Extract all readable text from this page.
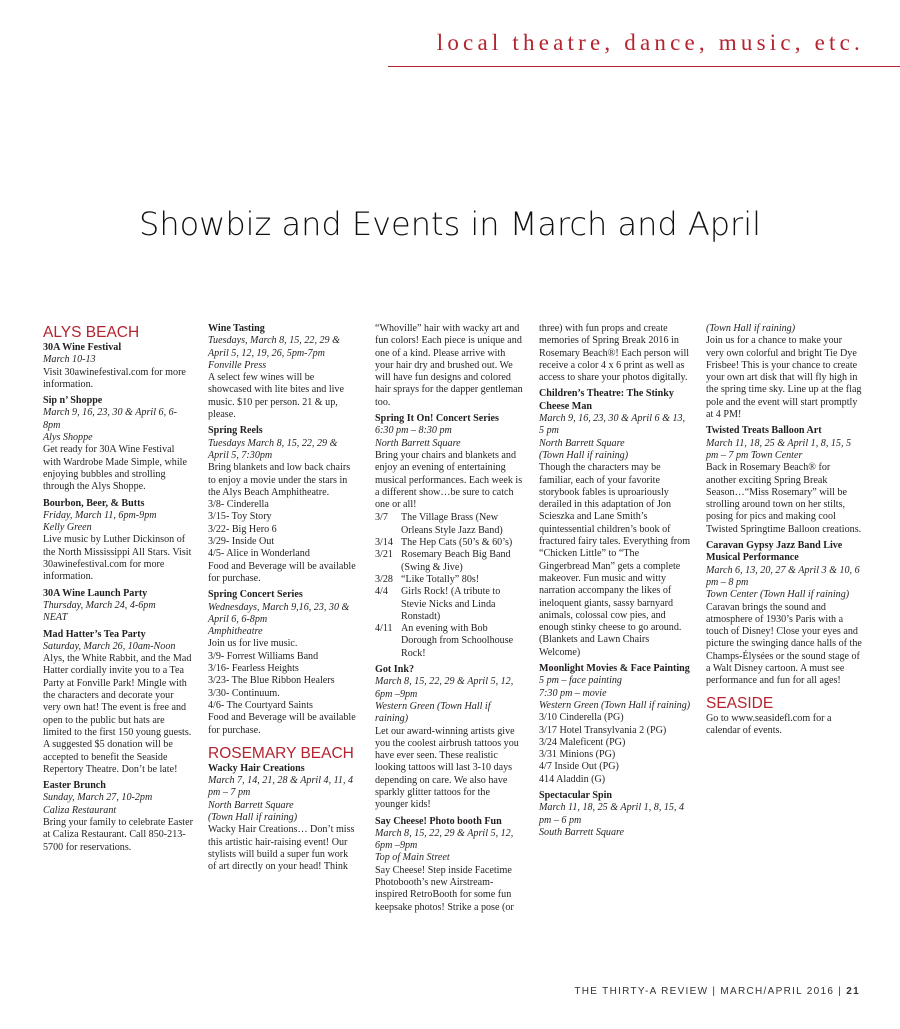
local theatre, dance, music, etc.
Showbiz and Events in March and April

ALYS BEACH

30A Wine Festival

March 10-13

Visit 30awinefestival.com for more information.

Sip n’ Shoppe

March 9, 16, 23, 30 & April 6, 6-8pm

Alys Shoppe

Get ready for 30A Wine Festival with Wardrobe Made Simple, while enjoying bubbles and strolling through the Alys Shoppe.

Bourbon, Beer, & Butts

Friday, March 11, 6pm-9pm

Kelly Green

Live music by Luther Dickinson of the North Mississippi All Stars. Visit 30awinefestival.com for more information.

30A Wine Launch Party

Thursday, March 24, 4-6pm

NEAT

Mad Hatter’s Tea Party

Saturday, March 26, 10am-Noon

Alys, the White Rabbit, and the Mad Hatter cordially invite you to a Tea Party at Fonville Park! Mingle with the characters and decorate your very own hat! The event is free and open to the public but hats are limited to the first 150 young guests. A suggested $5 donation will be accepted to benefit the Seaside Repertory Theatre. Don’t be late!

Easter Brunch

Sunday, March 27, 10-2pm

Caliza Restaurant

Bring your family to celebrate Easter at Caliza Restaurant. Call 850-213-5700 for reservations.

Wine Tasting

Tuesdays, March 8, 15, 22, 29 & April 5, 12, 19, 26, 5pm-7pm

Fonville Press

A select few wines will be showcased with lite bites and live music. $10 per person. 21 & up, please.

Spring Reels

Tuesdays March 8, 15, 22, 29 & April 5, 7:30pm

Bring blankets and low back chairs to enjoy a movie under the stars in the Alys Beach Amphitheatre.

3/8- Cinderella

3/15- Toy Story

3/22- Big Hero 6

3/29- Inside Out

4/5- Alice in Wonderland

Food and Beverage will be available for purchase.

Spring Concert Series

Wednesdays, March 9,16, 23, 30 & April 6, 6-8pm

Amphitheatre

Join us for live music.

3/9- Forrest Williams Band

3/16- Fearless Heights

3/23- The Blue Ribbon Healers

3/30- Continuum.

4/6- The Courtyard Saints

Food and Beverage will be available for purchase.

ROSEMARY BEACH

Wacky Hair Creations

March 7, 14, 21, 28 & April 4, 11, 4 pm – 7 pm

North Barrett Square

(Town Hall if raining)

Wacky Hair Creations… Don’t miss this artistic hair-raising event! Our stylists will build a super fun work of art directly on your head! Think

“Whoville” hair with wacky art and fun colors! Each piece is unique and one of a kind. Please arrive with your hair dry and brushed out. We will have fun designs and colored hair sprays for the dapper gentleman too.

Spring It On! Concert Series

6:30 pm – 8:30 pm

North Barrett Square

Bring your chairs and blankets and enjoy an evening of entertaining musical performances. Each week is a different show…be sure to catch one or all!

3/7	The Village Brass (New Orleans Style Jazz Band)
3/14	The Hep Cats (50’s & 60’s)
3/21	Rosemary Beach Big Band (Swing & Jive)
3/28	“Like Totally” 80s!
4/4	Girls Rock! (A tribute to Stevie Nicks and Linda Ronstadt)
4/11	An evening with Bob Dorough from Schoolhouse Rock!

Got Ink?

March 8, 15, 22, 29 & April 5, 12, 6pm –9pm

Western Green (Town Hall if raining)

Let our award-winning artists give you the coolest airbrush tattoos you have ever seen. These realistic looking tattoos will last 3-10 days depending on care. We also have sparkly glitter tattoos for the younger kids!

Say Cheese! Photo booth Fun

March 8, 15, 22, 29 & April 5, 12, 6pm –9pm

Top of Main Street

Say Cheese! Step inside Facetime Photobooth’s new Airstream-inspired RetroBooth for some fun keepsake photos! Strike a pose (or

three) with fun props and create memories of Spring Break 2016 in Rosemary Beach®! Each person will receive a color 4 x 6 print as well as access to share your photos digitally.

Children’s Theatre: The Stinky Cheese Man

March 9, 16, 23, 30 & April 6 & 13, 5 pm

North Barrett Square

(Town Hall if raining)

Though the characters may be familiar, each of your favorite storybook fables is uproariously derailed in this adaptation of Jon Scieszka and Lane Smith’s quintessential children’s book of fractured fairy tales. Everything from “Chicken Little” to “The Gingerbread Man” gets a complete makeover. Fun music and witty narration accompany the likes of ineloquent giants, sassy barnyard animals, colossal cow pies, and enough stinky cheese to go around. (Blankets and Lawn Chairs Welcome)

Moonlight Movies & Face Painting

5 pm – face painting

7:30 pm – movie

Western Green (Town Hall if raining)

3/10 Cinderella (PG)

3/17 Hotel Transylvania 2 (PG)

3/24 Maleficent (PG)

3/31 Minions (PG)

4/7 Inside Out (PG)

414 Aladdin (G)

Spectacular Spin

March 11, 18, 25 & April 1, 8, 15, 4 pm – 6 pm

South Barrett Square

(Town Hall if raining)

Join us for a chance to make your very own colorful and bright Tie Dye Frisbee! This is your chance to create your own art disk that will fly high in the spring time sky. Line up at the flag pole and the event will start promptly at 4 PM!

Twisted Treats Balloon Art

March 11, 18, 25 & April 1, 8, 15, 5 pm – 7 pm Town Center

Back in Rosemary Beach® for another exciting Spring Break Season…“Miss Rosemary” will be strolling around town on her stilts, posing for pics and making cool Twisted Springtime Balloon creations.

Caravan Gypsy Jazz Band Live Musical Performance

March 6, 13, 20, 27 & April 3 & 10, 6 pm – 8 pm

Town Center (Town Hall if raining)

Caravan brings the sound and atmosphere of 1930’s Paris with a touch of Disney! Close your eyes and picture the swinging dance halls of the Champs-Élysées or the sound stage of a Walt Disney cartoon. A must see performance and fun for all ages!

SEASIDE

Go to www.seasidefl.com for a calendar of events.

THE THIRTY-A REVIEW | MARCH/APRIL 2016 | 21
